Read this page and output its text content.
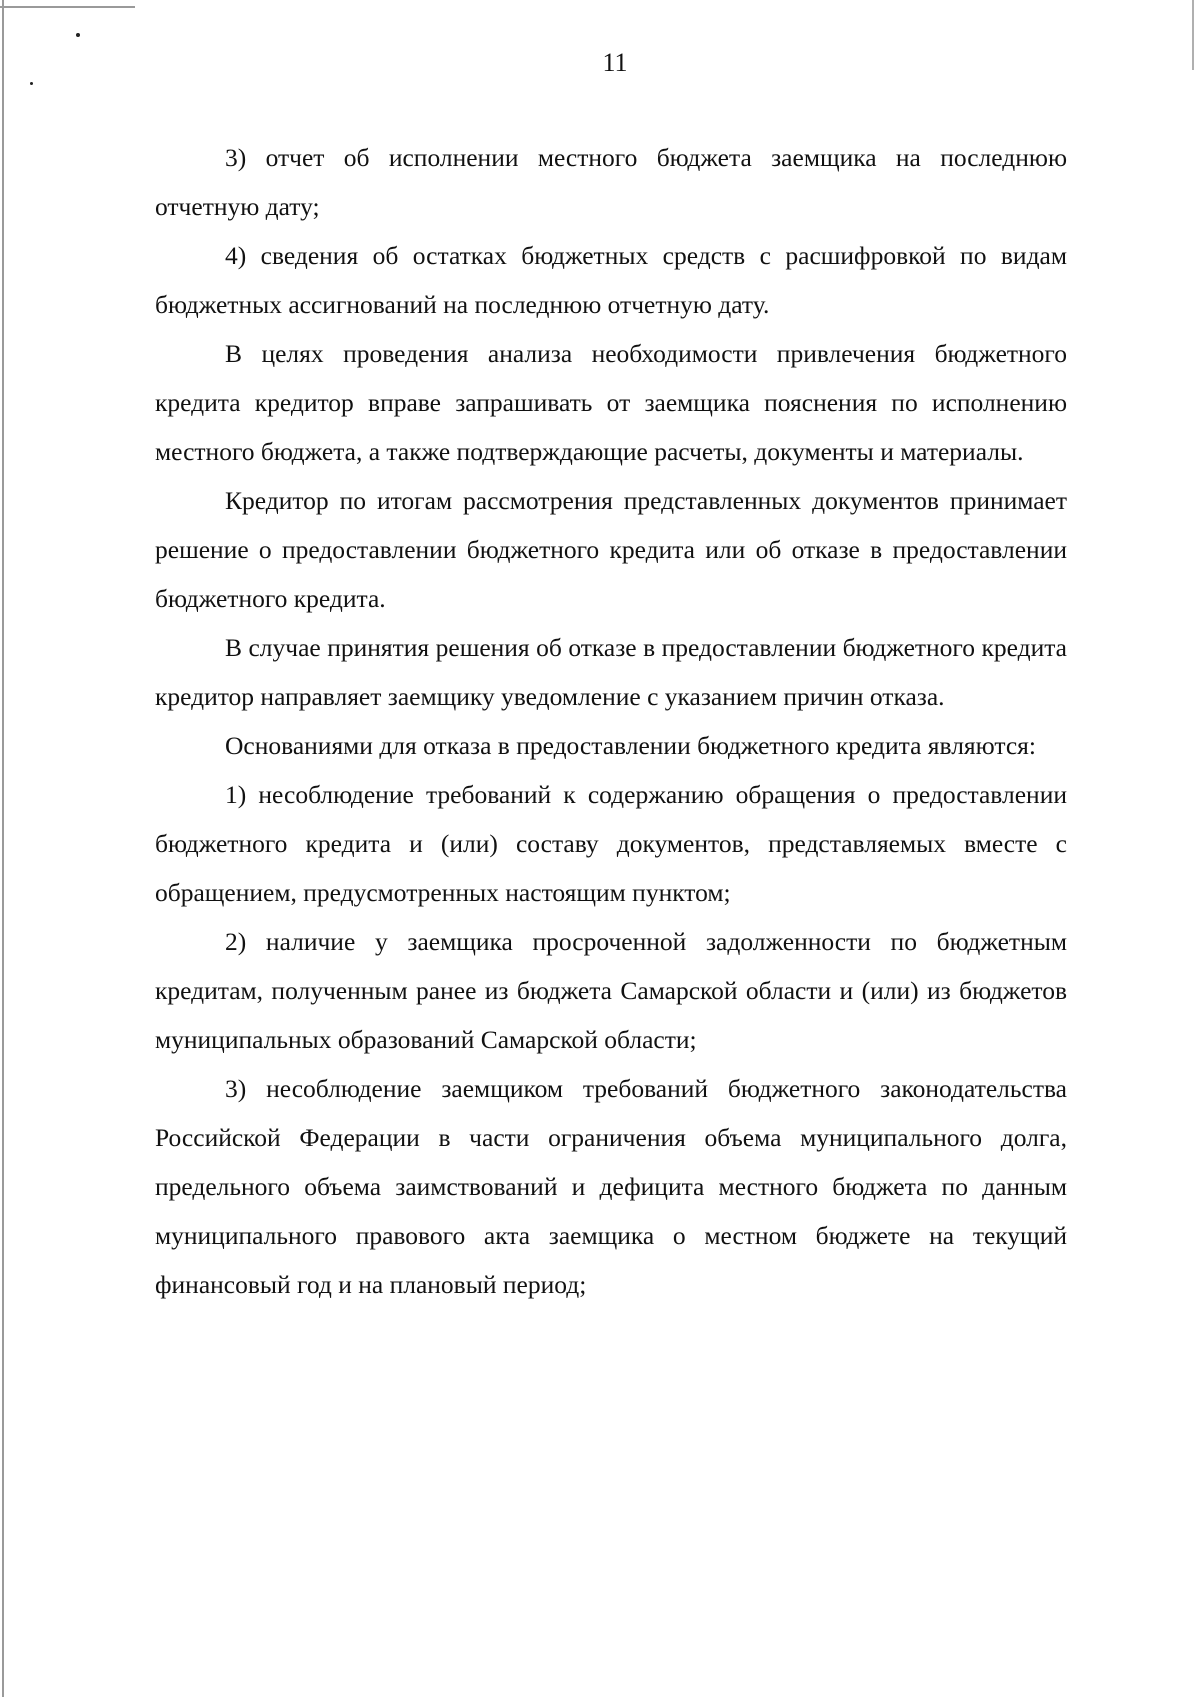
11

3) отчет об исполнении местного бюджета заемщика на последнюю отчетную дату;

4) сведения об остатках бюджетных средств с расшифровкой по видам бюджетных ассигнований на последнюю отчетную дату.

В целях проведения анализа необходимости привлечения бюджетного кредита кредитор вправе запрашивать от заемщика пояснения по исполнению местного бюджета, а также подтверждающие расчеты, документы и материалы.

Кредитор по итогам рассмотрения представленных документов принимает решение о предоставлении бюджетного кредита или об отказе в предоставлении бюджетного кредита.

В случае принятия решения об отказе в предоставлении бюджетного кредита кредитор направляет заемщику уведомление с указанием причин отказа.

Основаниями для отказа в предоставлении бюджетного кредита являются:

1) несоблюдение требований к содержанию обращения о предоставлении бюджетного кредита и (или) составу документов, представляемых вместе с обращением, предусмотренных настоящим пунктом;

2) наличие у заемщика просроченной задолженности по бюджетным кредитам, полученным ранее из бюджета Самарской области и (или) из бюджетов муниципальных образований Самарской области;

3) несоблюдение заемщиком требований бюджетного законодательства Российской Федерации в части ограничения объема муниципального долга, предельного объема заимствований и дефицита местного бюджета по данным муниципального правового акта заемщика о местном бюджете на текущий финансовый год и на плановый период;
